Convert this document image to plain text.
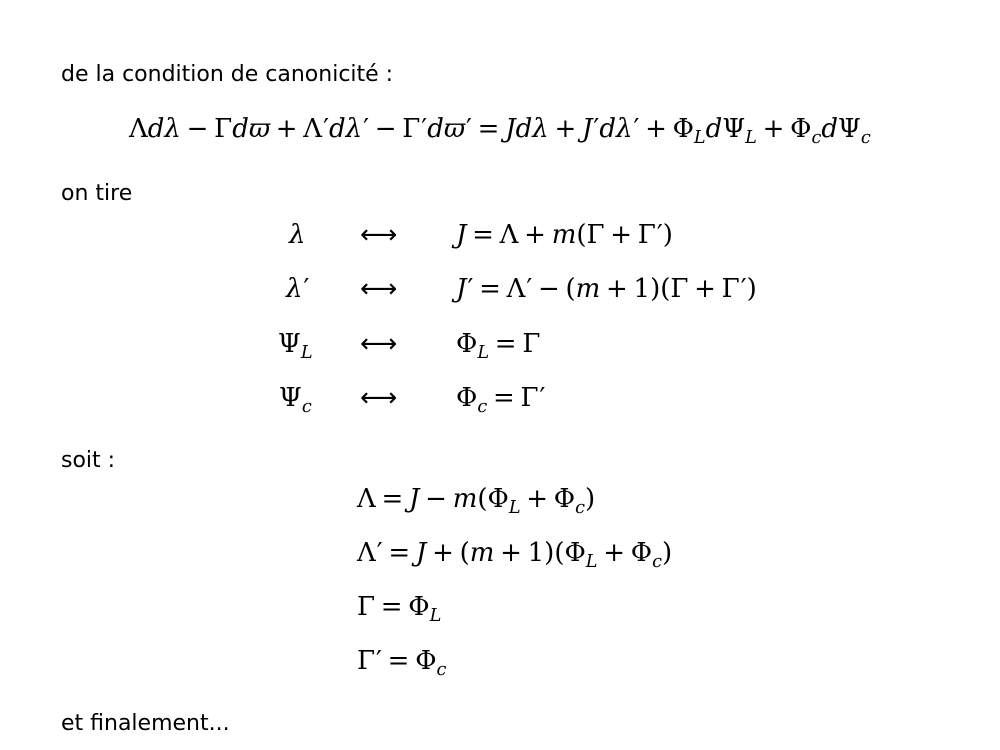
de la condition de canonicité :
$\Lambda d\lambda - \Gamma dϖ + \Lambda'd\lambda' - \Gamma'dϖ' = Jd\lambda + J'd\lambda' + \Phi_Ld\Psi_L + \Phi_cd\Psi_c$
on tire
λ ⟷ J = Λ + m(Γ + Γ′)
λ′ ⟷ J′ = Λ′ − (m + 1)(Γ + Γ′)
$\Psi_L$ ⟷ $\Phi_L = \Gamma$
$\Psi_c$ ⟷ $\Phi_c = \Gamma'$
soit :
$\Lambda = J - m(\Phi_L + \Phi_c)$
$\Lambda' = J + (m + 1)(\Phi_L + \Phi_c)$
$\Gamma = \Phi_L$
$\Gamma' = \Phi_c$
et finalement...
